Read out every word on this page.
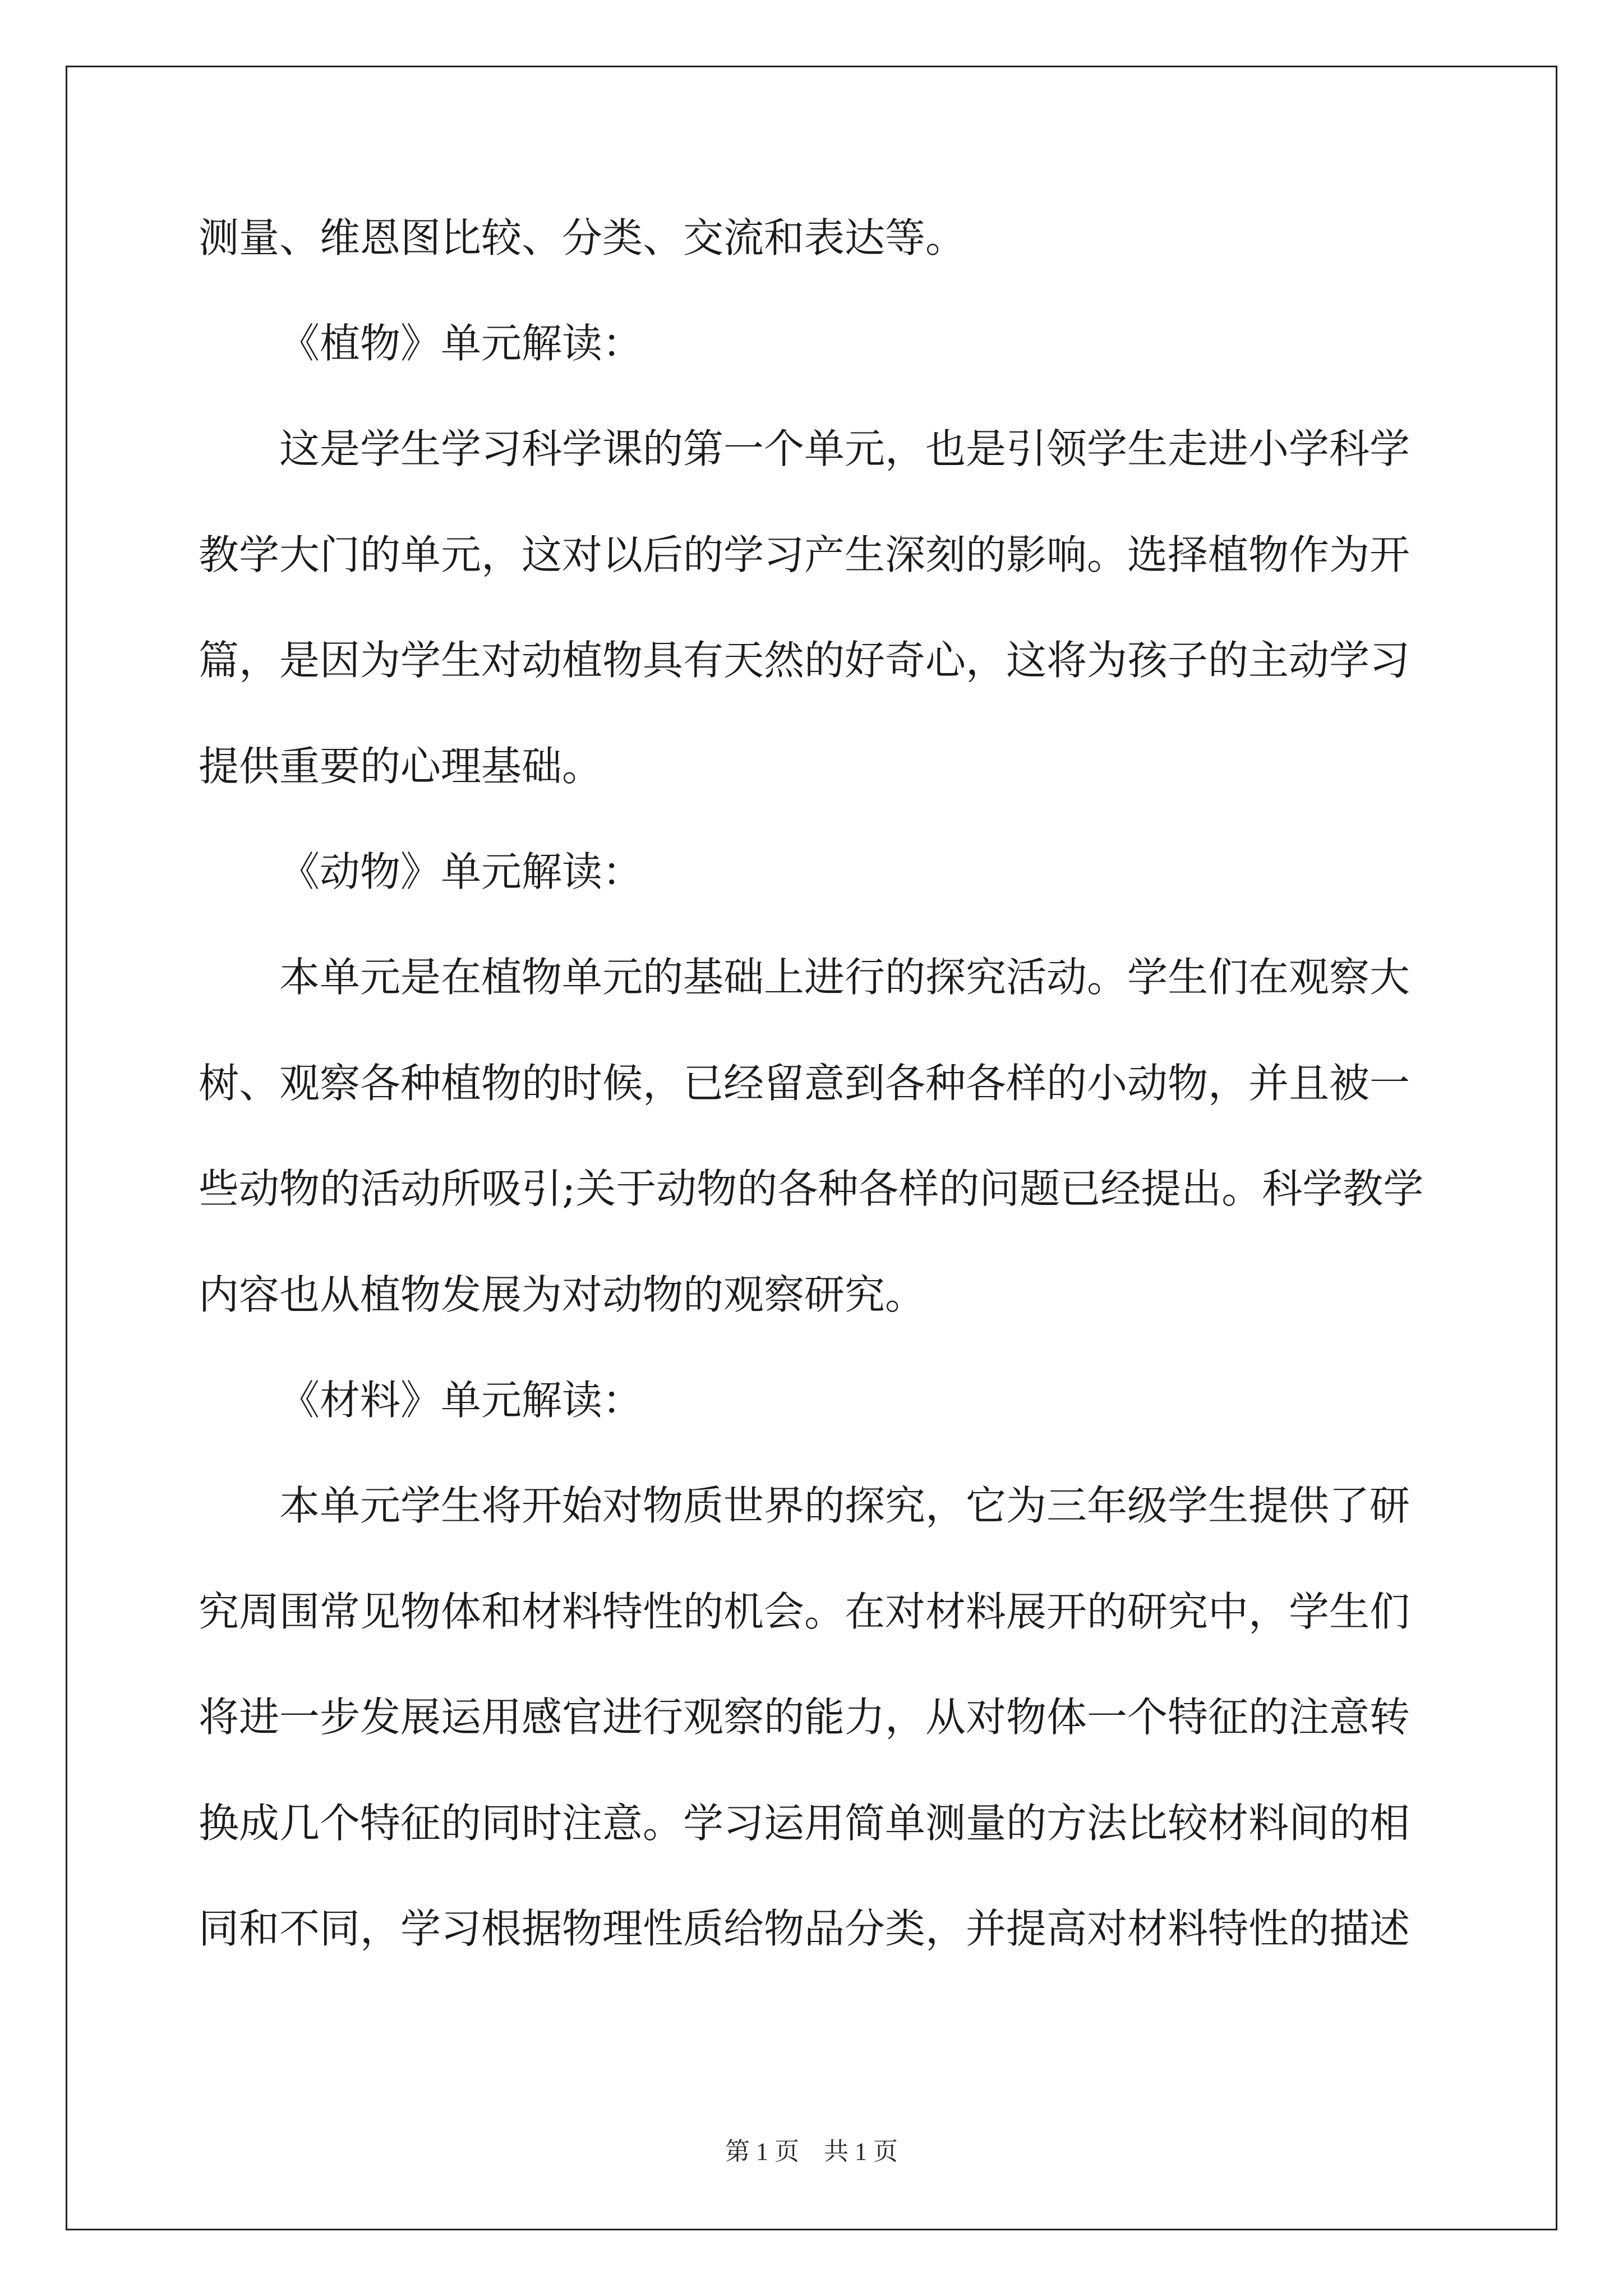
测量、维恩图比较、分类、交流和表达等。
《植物》单元解读：
这是学生学习科学课的第一个单元，也是引领学生走进小学科学
教学大门的单元，这对以后的学习产生深刻的影响。选择植物作为开
篇，是因为学生对动植物具有天然的好奇心，这将为孩子的主动学习
提供重要的心理基础。
《动物》单元解读：
本单元是在植物单元的基础上进行的探究活动。学生们在观察大
树、观察各种植物的时候，已经留意到各种各样的小动物，并且被一
些动物的活动所吸引;关于动物的各种各样的问题已经提出。科学教学
内容也从植物发展为对动物的观察研究。
《材料》单元解读：
本单元学生将开始对物质世界的探究，它为三年级学生提供了研
究周围常见物体和材料特性的机会。在对材料展开的研究中，学生们
将进一步发展运用感官进行观察的能力，从对物体一个特征的注意转
换成几个特征的同时注意。学习运用简单测量的方法比较材料间的相
同和不同，学习根据物理性质给物品分类，并提高对材料特性的描述
第 1 页　共 1 页
